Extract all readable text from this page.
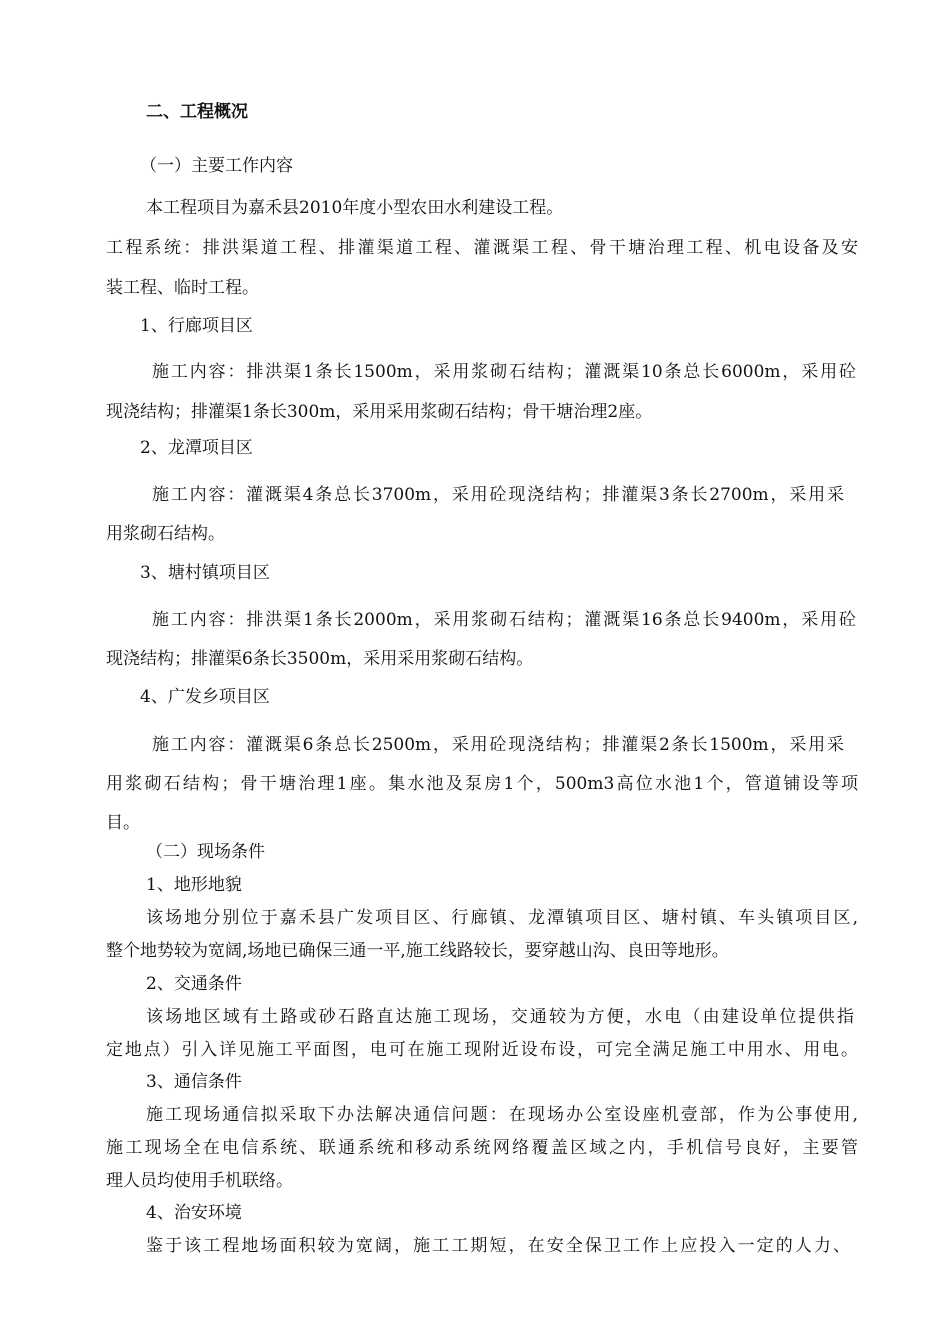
二、工程概况
（一）主要工作内容
本工程项目为嘉禾县2010年度小型农田水利建设工程。
工程系统：排洪渠道工程、排灌渠道工程、灌溉渠工程、骨干塘治理工程、机电设备及安
装工程、临时工程。
1、行廊项目区
施工内容：排洪渠1条长1500m，采用浆砌石结构；灌溉渠10条总长6000m，采用砼
现浇结构；排灌渠1条长300m，采用采用浆砌石结构；骨干塘治理2座。
2、龙潭项目区
施工内容：灌溉渠4条总长3700m，采用砼现浇结构；排灌渠3条长2700m，采用采
用浆砌石结构。
3、塘村镇项目区
施工内容：排洪渠1条长2000m，采用浆砌石结构；灌溉渠16条总长9400m，采用砼
现浇结构；排灌渠6条长3500m，采用采用浆砌石结构。
4、广发乡项目区
施工内容：灌溉渠6条总长2500m，采用砼现浇结构；排灌渠2条长1500m，采用采
用浆砌石结构；骨干塘治理1座。集水池及泵房1个，500m3高位水池1个，管道铺设等项
目。
（二）现场条件
1、地形地貌
该场地分别位于嘉禾县广发项目区、行廊镇、龙潭镇项目区、塘村镇、车头镇项目区,
整个地势较为宽阔,场地已确保三通一平,施工线路较长，要穿越山沟、良田等地形。
2、交通条件
该场地区域有土路或砂石路直达施工现场，交通较为方便，水电（由建设单位提供指
定地点）引入详见施工平面图，电可在施工现附近设布设，可完全满足施工中用水、用电。
3、通信条件
施工现场通信拟采取下办法解决通信问题：在现场办公室设座机壹部，作为公事使用,
施工现场全在电信系统、联通系统和移动系统网络覆盖区域之内，手机信号良好，主要管
理人员均使用手机联络。
4、治安环境
鉴于该工程地场面积较为宽阔，施工工期短，在安全保卫工作上应投入一定的人力、
